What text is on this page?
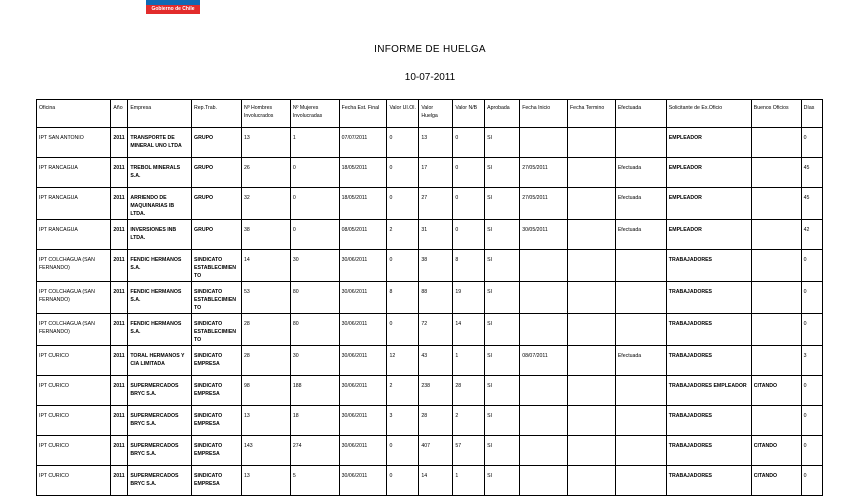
Gobierno de Chile
INFORME DE HUELGA
10-07-2011
Oficina	Año	Empresa	Rep.Trab.	Nº Hombres Involucrados	Nº Mujeres Involucradas	Fecha Est. Final	Valor UI.Ol.	Valor Huelga	Valor N/B	Aprobada	Fecha Inicio	Fecha Termino	Efectuada	Solicitante de Ex.Oficio	Buenos Oficios	Días
IPT SAN ANTONIO	2011	TRANSPORTE DE MINERAL UNO LTDA	GRUPO	13	1	07/07/2011	0	13	0	SI				EMPLEADOR		0
IPT RANCAGUA	2011	TREBOL MINERALS S.A.	GRUPO	26	0	18/05/2011	0	17	0	SI	27/05/2011		Efectuada	EMPLEADOR		45
IPT RANCAGUA	2011	ARRIENDO DE MAQUINARIAS IB LTDA.	GRUPO	32	0	18/05/2011	0	27	0	SI	27/05/2011		Efectuada	EMPLEADOR		45
IPT RANCAGUA	2011	INVERSIONES INB LTDA.	GRUPO	38	0	08/05/2011	2	31	0	SI	30/05/2011		Efectuada	EMPLEADOR		42
IPT COLCHAGUA (SAN FERNANDO)	2011	FENDIC HERMANOS S.A.	SINDICATO ESTABLECIMIENTO	14	30	30/06/2011	0	38	8	SI				TRABAJADORES		0
IPT COLCHAGUA (SAN FERNANDO)	2011	FENDIC HERMANOS S.A.	SINDICATO ESTABLECIMIENTO	53	80	30/06/2011	8	88	19	SI				TRABAJADORES		0
IPT COLCHAGUA (SAN FERNANDO)	2011	FENDIC HERMANOS S.A.	SINDICATO ESTABLECIMIENTO	28	80	30/06/2011	0	72	14	SI				TRABAJADORES		0
IPT CURICO	2011	TORAL HERMANOS Y CIA LIMITADA	SINDICATO EMPRESA	28	30	30/06/2011	12	43	1	SI	08/07/2011		Efectuada	TRABAJADORES		3
IPT CURICO	2011	SUPERMERCADOS BRYC S.A.	SINDICATO EMPRESA	98	188	30/06/2011	2	238	28	SI				TRABAJADORES EMPLEADOR	CITANDO	0
IPT CURICO	2011	SUPERMERCADOS BRYC S.A.	SINDICATO EMPRESA	13	18	30/06/2011	3	28	2	SI				TRABAJADORES		0
IPT CURICO	2011	SUPERMERCADOS BRYC S.A.	SINDICATO EMPRESA	143	274	30/06/2011	0	407	57	SI				TRABAJADORES	CITANDO	0
IPT CURICO	2011	SUPERMERCADOS BRYC S.A.	SINDICATO EMPRESA	13	5	30/06/2011	0	14	1	SI				TRABAJADORES	CITANDO	0
